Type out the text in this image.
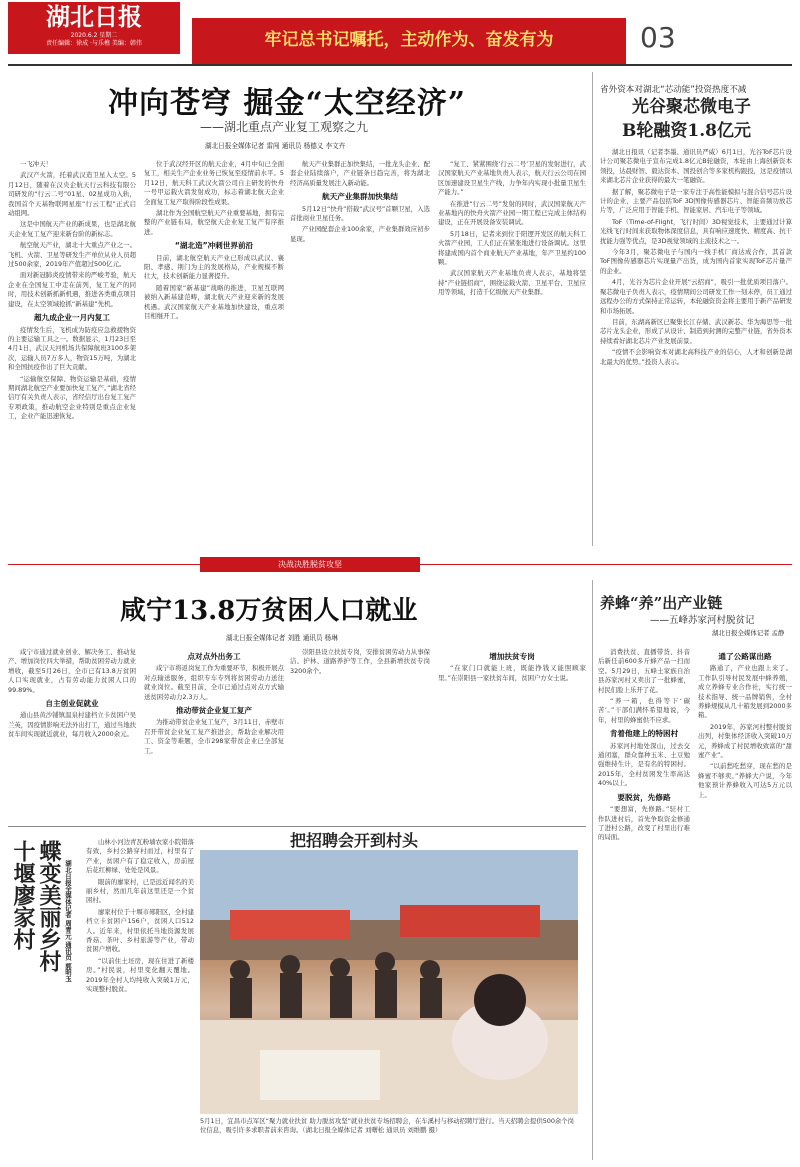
湖北日报
2020.6.2 星期二
责任编辑：徐成 ·与乐樵 美编：韩伟	牢记总书记嘱托，主动作为、奋发有为	03
冲向苍穹 掘金“太空经济”
——湖北重点产业复工观察之九
湖北日报全媒体记者 雷闯 通讯员 杨德义 李文卉
省外资本对湖北“芯动能”投资热度不减
光谷聚芯微电子
B轮融资1.8亿元

一飞冲天！

武汉产火箭，托着武汉造卫星入太空。5月12日，随着在汉央企航天行云科技有限公司研发的“行云二号”01星、02星成功入轨，我国首个天基物联网星座“行云工程”正式启动组网。

这是中国航天产业的新成果，也是湖北航天企业复工复产迎来新台阶的新标志。

航空航天产业，湖北十大重点产业之一。飞机、火箭、卫星等研发生产单位从业人员超过500余家，2019年产值超过500亿元。

面对新冠肺炎疫情带来的严峻考验，航天企业在全国复工中走在前列，复工复产的同时，用技术创新抓新机遇，推进各类重点项目建设，在太空领域抢抓“新基建”先机。

超九成企业一月内复工

疫情发生后，飞机成为防疫应急救援物资的主要运输工具之一。数据显示，1月23日至4月1日，武汉天河机场共保障航班3100多架次，运输人员7万多人，物资15万吨，为湖北和全国抗疫作出了巨大贡献。

“运输航空保障、物资运输是基础，疫情期间湖北航空产业要加快复工复产。”湖北省经信厅有关负责人表示，省经信厅出台复工复产专项政策，推动航空企业特别是重点企业复工，企业产能迅速恢复。

位于武汉经开区的航天企业，4月中旬已全面复工，相关生产企业业务已恢复至疫情前水平。5月12日，航天科工武汉火箭公司自主研发的快舟一号甲运载火箭发射成功，标志着湖北航天企业全面复工复产取得阶段性成果。

湖北作为全国航空航天产业重要基地，拥有完整的产业链布局，航空航天企业复工复产有序推进。

“湖北造”冲刺世界前沿

目前，湖北航空航天产业已形成以武汉、襄阳、孝感、荆门为主的发展格局，产业规模不断壮大，技术创新能力显著提升。

随着国家“新基建”战略的推进，卫星互联网被纳入新基建范畴，湖北航天产业迎来新的发展机遇。武汉国家航天产业基地加快建设，重点项目相继开工。

航天产业集群正加快集结，一批龙头企业、配套企业陆续落户，产业链条日趋完善，将为湖北经济高质量发展注入新动能。

航天产业集群加快集结

5月12日“快舟”搭载“武汉号”首颗卫星，入选首批商业卫星任务。

产业园配套企业100余家，产业集群效应初步显现。

“复工、紧紧围绕‘行云二号’卫星的发射进行，武汉国家航天产业基地负责人表示，航天行云公司在园区加速建设卫星生产线，力争年内实现小批量卫星生产能力。”

在推进“行云二号”发射的同时，武汉国家航天产业基地内的快舟火箭产业园一期工程已完成主体结构建设，正在开展设备安装调试。

5月18日，记者来到位于阳逻开发区的航天科工火箭产业园，工人们正在紧张地进行设备调试。这里将建成国内首个商业航天产业基地，年产卫星约100颗。

武汉国家航天产业基地负责人表示，基地将坚持“产业链招商”，围绕运载火箭、卫星平台、卫星应用等领域，打造千亿级航天产业集群。

湖北日报讯（记者李墨、通讯员严威）6月1日，光谷ToF芯片设计公司聚芯微电子宣布完成1.8亿元B轮融资，本轮由上海创新资本领投，达晨财智、毅达资本、国投创合等多家机构跟投，这是疫情以来湖北芯片企业获得的最大一笔融资。

据了解，聚芯微电子是一家专注于高性能模拟与混合信号芯片设计的企业，主要产品包括ToF 3D图像传感器芯片、智能音频功放芯片等，广泛应用于智能手机、智能家居、汽车电子等领域。

ToF（Time-of-Flight，飞行时间）3D视觉技术，主要通过计算光线飞行时间来获取物体深度信息，具有响应速度快、精度高、抗干扰能力强等优点，是3D视觉领域的主流技术之一。

今年3月，聚芯微电子与国内一线手机厂商达成合作，其首款ToF图像传感器芯片实现量产出货，成为国内首家实现ToF芯片量产的企业。

4月，光谷为芯片企业开展“云招商”，吸引一批优质项目落户。聚芯微电子负责人表示，疫情期间公司研发工作一刻未停，员工通过远程办公的方式保持正常运转，本轮融资资金将主要用于新产品研发和市场拓展。

目前，东湖高新区已聚集长江存储、武汉新芯、华为海思等一批芯片龙头企业，形成了从设计、制造到封测的完整产业链，省外资本持续看好湖北芯片产业发展前景。

“疫情不会影响资本对湖北高科技产业的信心，人才和创新是湖北最大的优势。”投资人表示。

决战决胜脱贫攻坚
咸宁13.8万贫困人口就业
湖北日报全媒体记者 刘胜 通讯员 杨琳

咸宁市通过就业创业、解决务工、推动复产、增加岗位四大举措，帮助贫困劳动力就业增收，截至5月26日，全市已有13.8万贫困人口实现就业，占有劳动能力贫困人口的99.89%。

自主创业促就业

通山县黄沙铺镇温泉村建档立卡贫困户吴兰英，因疫情影响无法外出打工，通过当地扶贫车间实现就近就业，每月收入2000余元。

点对点外出务工

咸宁市将返岗复工作为重要环节，积极开展点对点输送服务，组织专车专列将贫困劳动力送往就业岗位。截至目前，全市已通过点对点方式输送贫困劳动力2.3万人。

推动带贫企业复工复产

为推动带贫企业复工复产，3月11日，赤壁市召开带贫企业复工复产推进会，帮助企业解决用工、资金等难题，全市298家带贫企业已全部复工。

崇阳县设立扶贫专岗，安排贫困劳动力从事保洁、护林、道路养护等工作，全县新增扶贫专岗3200余个。

增加扶贫专岗

“在家门口就能上班，既能挣钱又能照顾家里。”在崇阳县一家扶贫车间，贫困户方女士说。

养蜂“养”出产业链
——五峰苏家河村脱贫记
湖北日报全媒体记者 孟静

消费扶贫、直播带货、抖音后新任前600多斤蜂产品一扫而空。5月29日，五峰土家族自治县苏家河村又卖出了一批蜂蜜，村民们脸上乐开了花。

“养一箱，也得等下‘碳苦’。”干部们满怀希望地说，今年，村里的蜂蜜供不应求。

肯着他建上的特困村

苏家河村地处深山，过去交通闭塞，群众靠种玉米、土豆勉强维持生计，是有名的特困村。2015年，全村贫困发生率高达40%以上。

要脱贫，先修路

“要想富，先修路。”驻村工作队进村后，首先争取资金修通了进村公路，改变了村里出行难的局面。

通了公路谋出路

路通了，产业也跟上来了。工作队引导村民发展中蜂养殖，成立养蜂专业合作社，实行统一技术指导、统一品牌销售，全村养蜂规模从几十箱发展到2000多箱。

2019年，苏家河村整村脱贫出列，村集体经济收入突破10万元，养蜂成了村民增收致富的“甜蜜产业”。

“以前愁吃愁穿，现在愁的是蜂蜜不够卖。”养蜂大户说，今年他家预计养蜂收入可达5万元以上。

十堰廖家村 蝶变美丽乡村 湖北日报全媒体记者 周青元 通讯员 郭明玉

山林小河边青瓦粉墙农家小院错落有致，乡村公路穿村而过，村里有了产业，贫困户有了稳定收入，房前屋后花红柳绿、处处是风景。

眼前的廖家村，已是远近闻名的美丽乡村，然而几年前这里还是一个贫困村。

廖家村位于十堰市郧阳区，全村建档立卡贫困户156户，贫困人口512人。近年来，村里依托当地资源发展香菇、茶叶、乡村旅游等产业，带动贫困户增收。

“以前住土坯房，现在住进了新楼房。”村民说，村里变化翻天覆地。2019年全村人均纯收入突破1万元，实现整村脱贫。

把招聘会开到村头
5月1日，宜昌市点军区“聚力就业扶贫 助力脱贫攻坚”就业扶贫专场招聘会，在车溪村与移动招聘厅进行。当天招聘会提供500余个岗位信息，吸引许多求职者前来咨询。（湖北日报全媒体记者 刘曙松 通讯员 刘维鹏 摄）
